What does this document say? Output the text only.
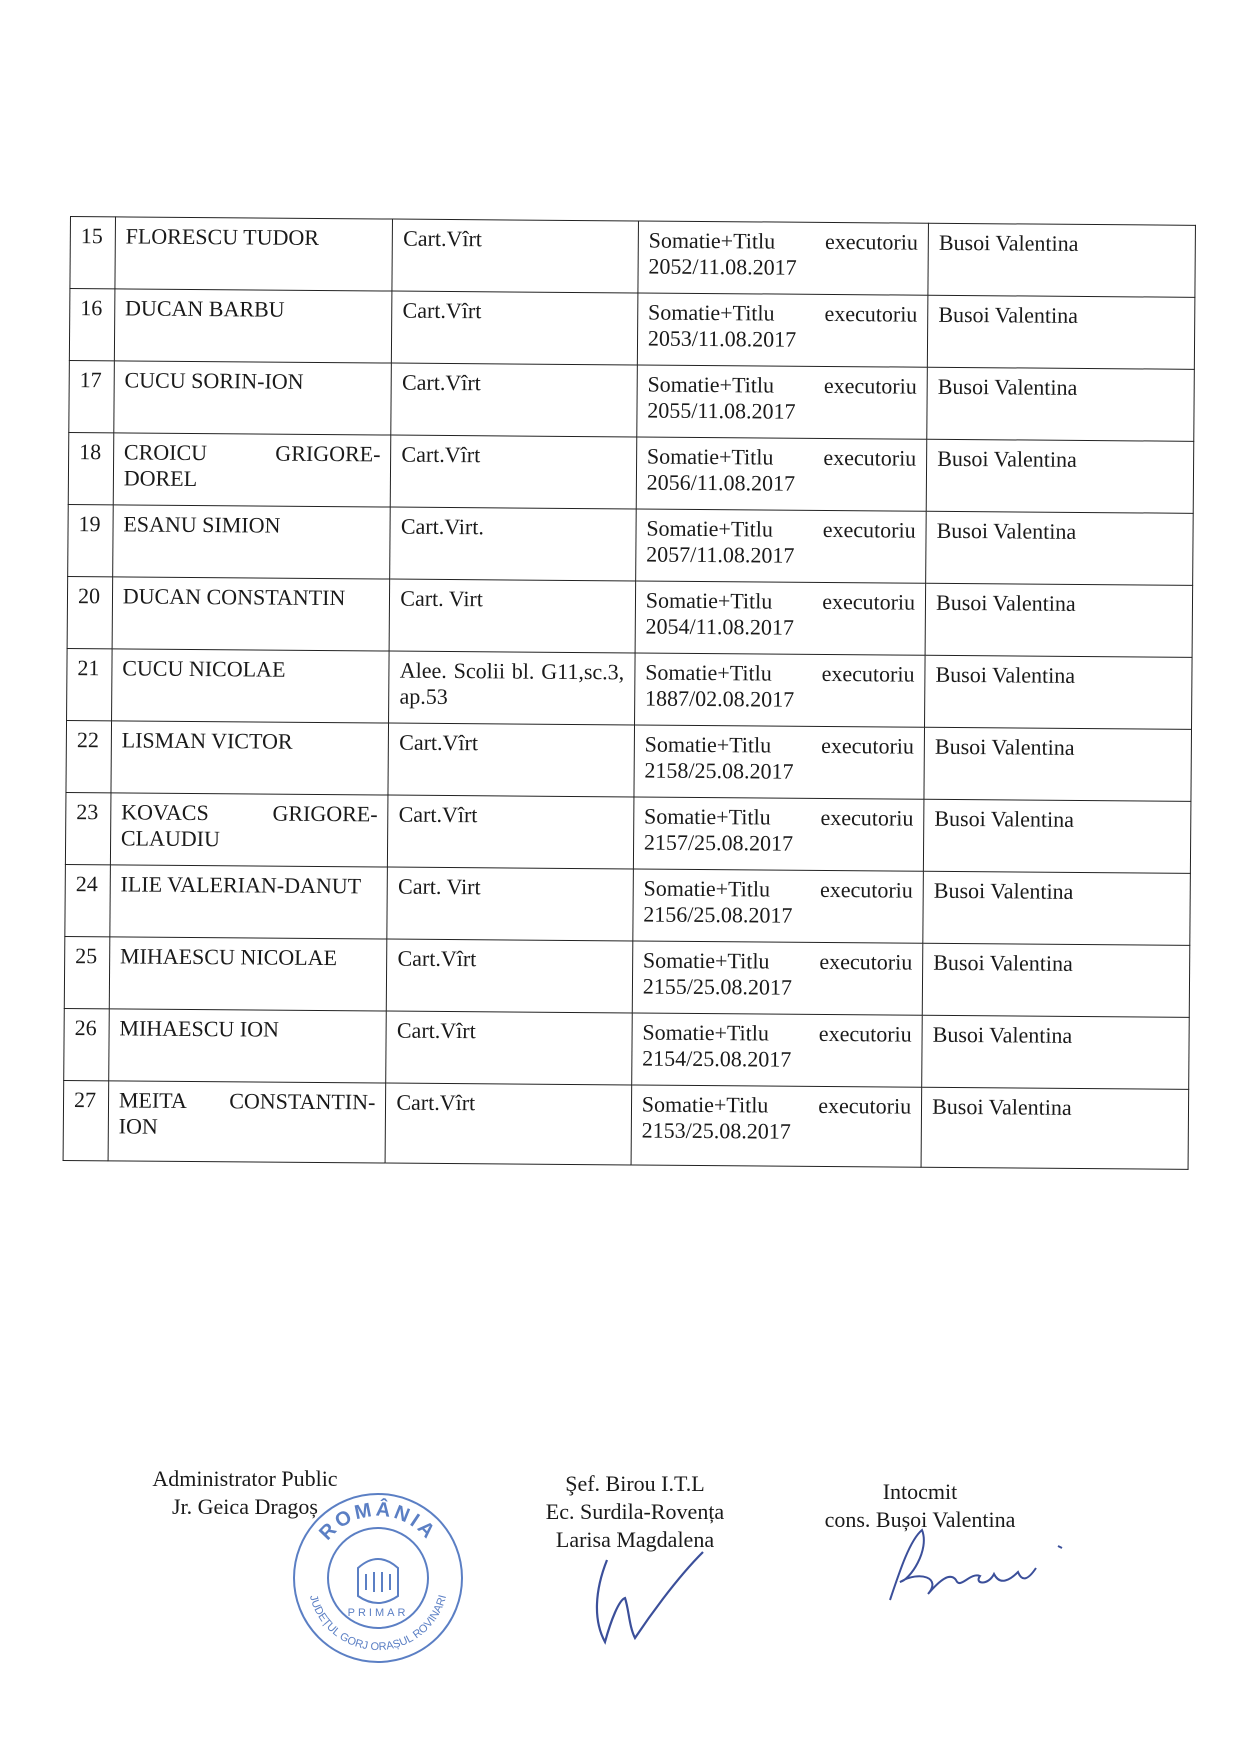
15	FLORESCU TUDOR	Cart.Vîrt	Somatie+Titlu executoriu
2052/11.08.2017	Busoi Valentina
16	DUCAN BARBU	Cart.Vîrt	Somatie+Titlu executoriu
2053/11.08.2017	Busoi Valentina
17	CUCU SORIN-ION	Cart.Vîrt	Somatie+Titlu executoriu
2055/11.08.2017	Busoi Valentina
18	CROICU GRIGORE-DOREL	Cart.Vîrt	Somatie+Titlu executoriu
2056/11.08.2017	Busoi Valentina
19	ESANU SIMION	Cart.Virt.	Somatie+Titlu executoriu
2057/11.08.2017	Busoi Valentina
20	DUCAN CONSTANTIN	Cart. Virt	Somatie+Titlu executoriu
2054/11.08.2017	Busoi Valentina
21	CUCU NICOLAE	Alee. Scolii bl. G11,sc.3, ap.53	Somatie+Titlu executoriu
1887/02.08.2017	Busoi Valentina
22	LISMAN VICTOR	Cart.Vîrt	Somatie+Titlu executoriu
2158/25.08.2017	Busoi Valentina
23	KOVACS GRIGORE-CLAUDIU	Cart.Vîrt	Somatie+Titlu executoriu
2157/25.08.2017	Busoi Valentina
24	ILIE VALERIAN-DANUT	Cart. Virt	Somatie+Titlu executoriu
2156/25.08.2017	Busoi Valentina
25	MIHAESCU NICOLAE	Cart.Vîrt	Somatie+Titlu executoriu
2155/25.08.2017	Busoi Valentina
26	MIHAESCU ION	Cart.Vîrt	Somatie+Titlu executoriu
2154/25.08.2017	Busoi Valentina
27	MEITA CONSTANTIN-ION	Cart.Vîrt	Somatie+Titlu executoriu
2153/25.08.2017	Busoi Valentina
Administrator Public
Jr. Geica Dragoș
Şef. Birou I.T.L
Ec. Surdila-Rovența
Larisa Magdalena
Intocmit
cons. Bușoi Valentina
ROMÂNIA
JUDEȚUL GORJ ORAȘUL ROVINARI
PRIMAR
